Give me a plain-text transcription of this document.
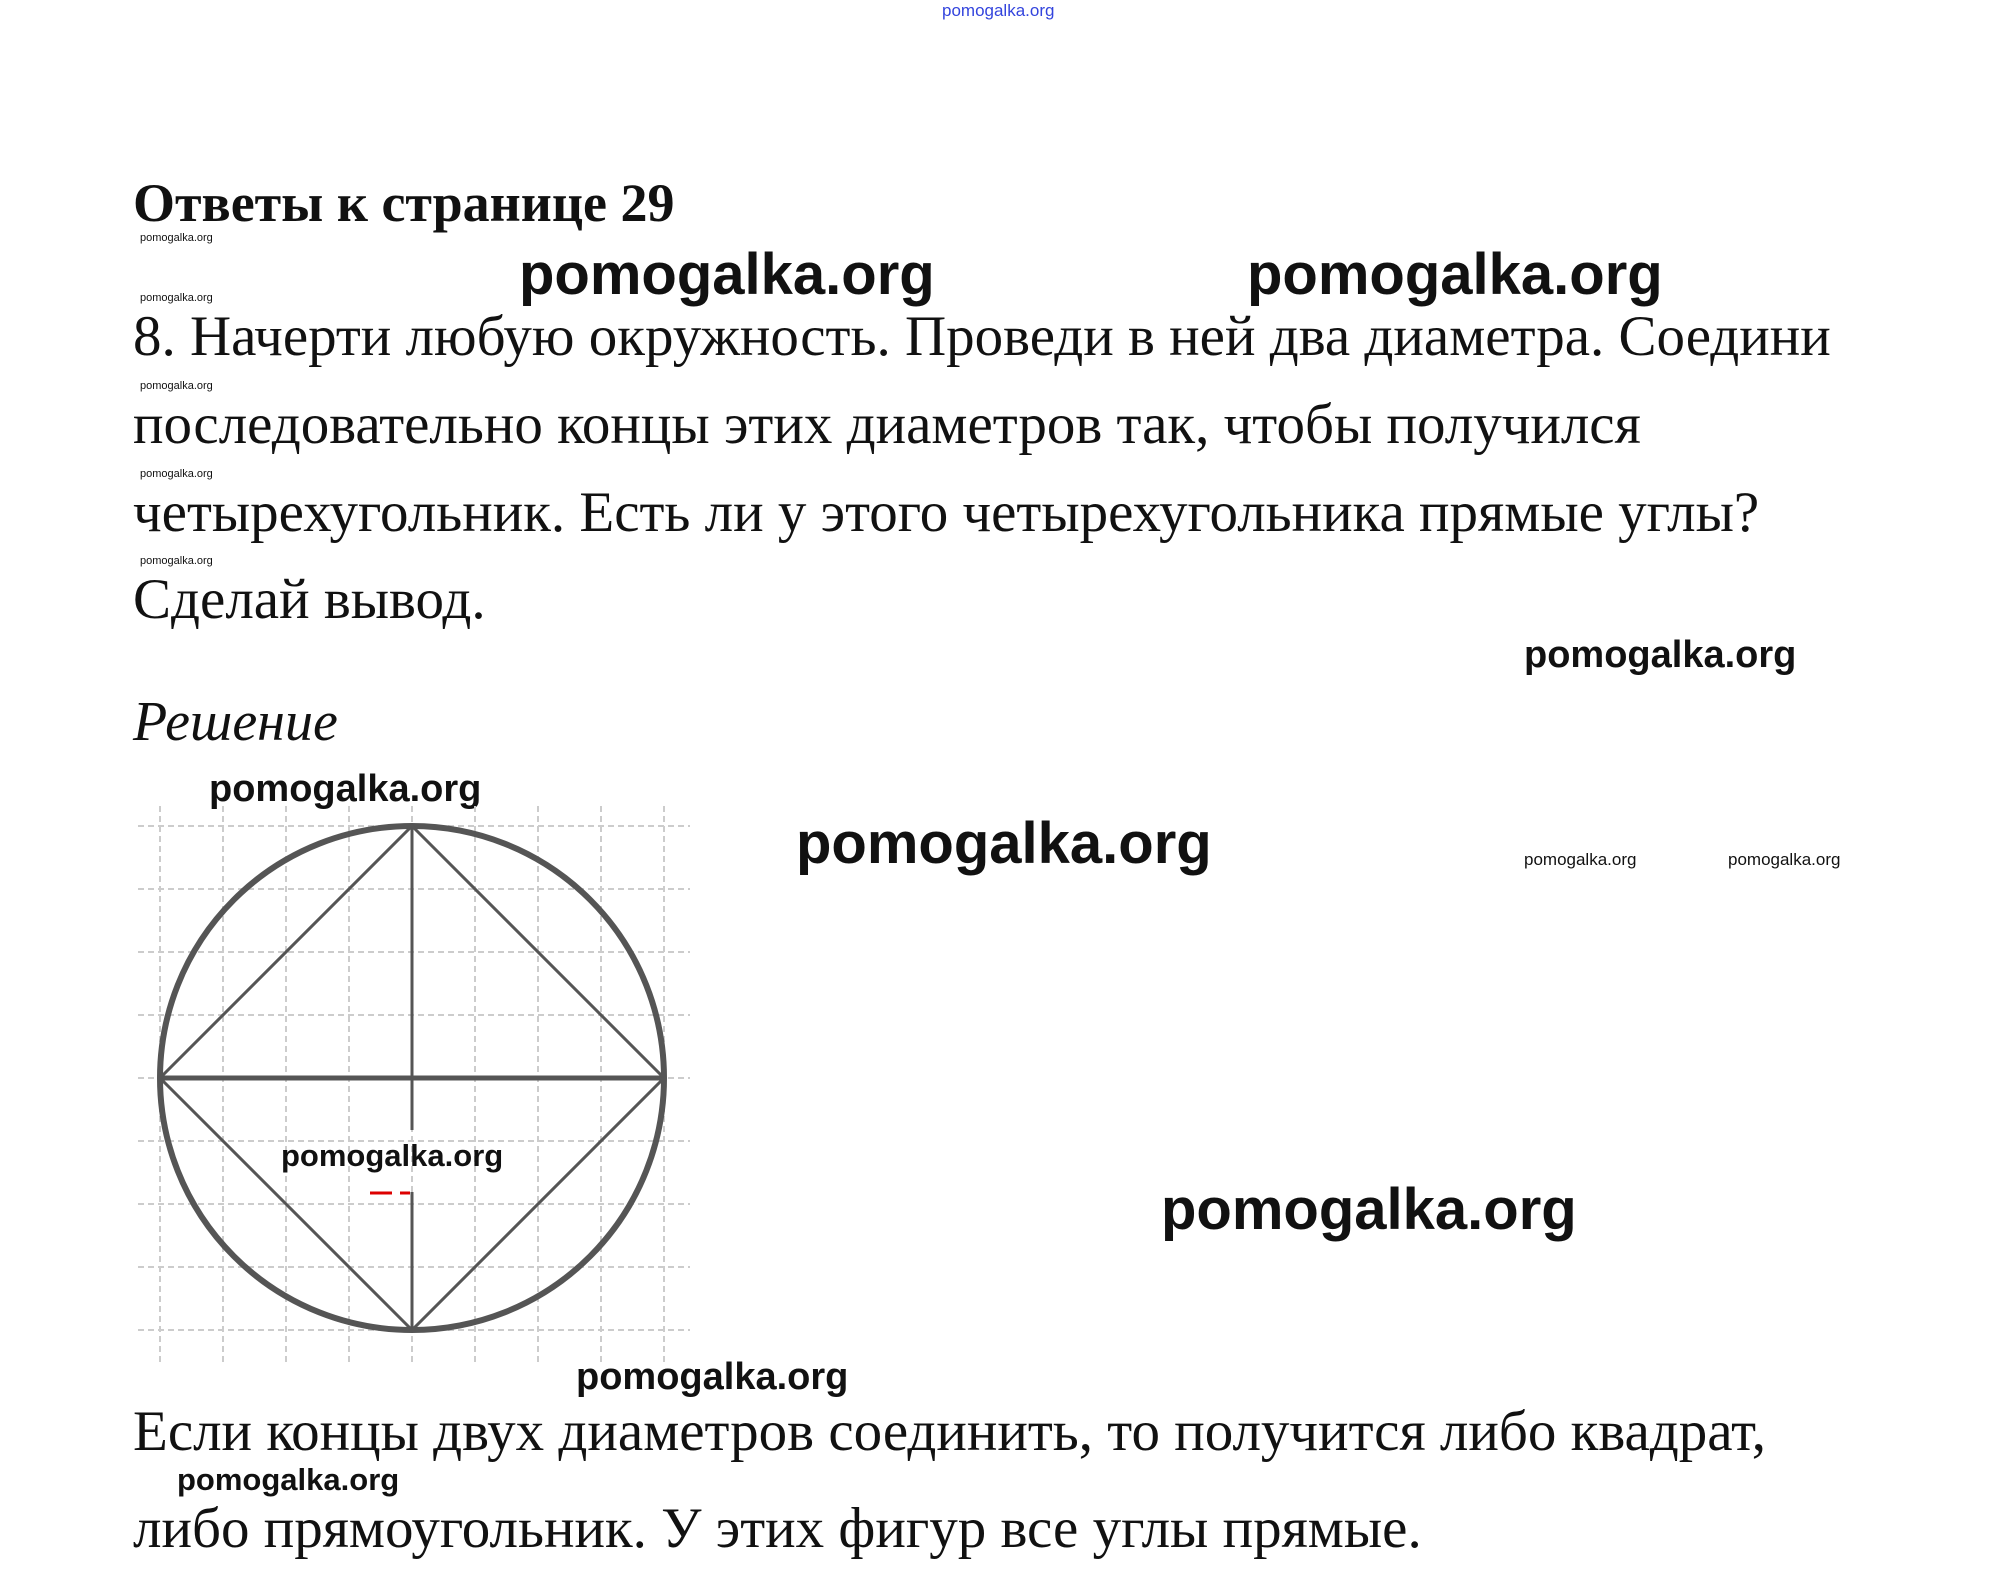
pomogalka.org
Ответы к странице 29
pomogalka.org
pomogalka.org	pomogalka.org
pomogalka.org
8. Начерти любую окружность. Проведи в ней два диаметра. Соедини
pomogalka.org
последовательно концы этих диаметров так, чтобы получился
pomogalka.org
четырехугольник. Есть ли у этого четырехугольника прямые углы?
pomogalka.org
Сделай вывод.
pomogalka.org
Решение
pomogalka.org
pomogalka.org	pomogalka.org	pomogalka.org
pomogalka.org
pomogalka.org
pomogalka.org
Если концы двух диаметров соединить, то получится либо квадрат,
pomogalka.org
либо прямоугольник. У этих фигур все углы прямые.
